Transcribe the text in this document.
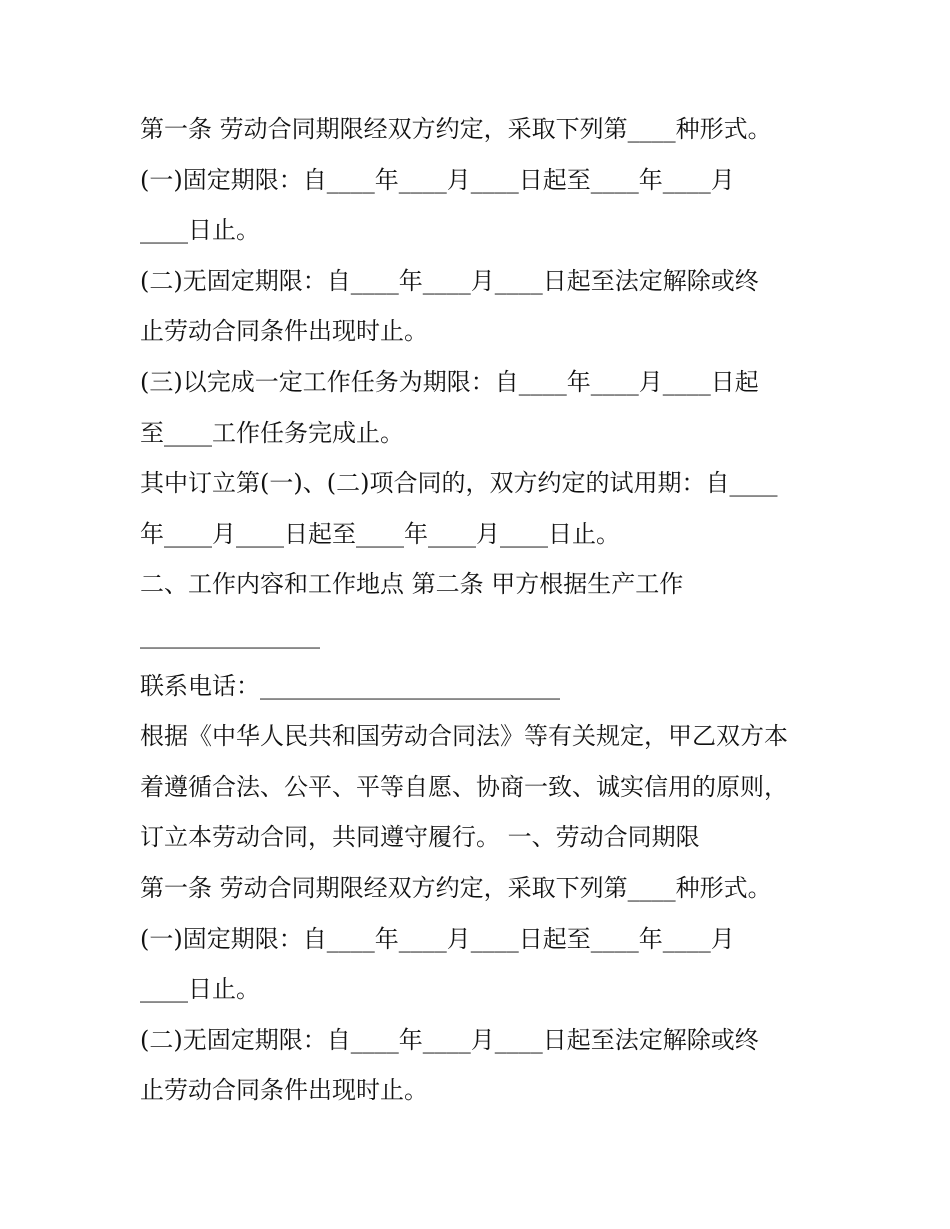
第一条 劳动合同期限经双方约定，采取下列第____种形式。
(一)固定期限：自____年____月____日起至____年____月
____日止。
(二)无固定期限：自____年____月____日起至法定解除或终
止劳动合同条件出现时止。
(三)以完成一定工作任务为期限：自____年____月____日起
至____工作任务完成止。
其中订立第(一)、(二)项合同的，双方约定的试用期：自____
年____月____日起至____年____月____日止。
二、工作内容和工作地点 第二条 甲方根据生产工作
_______________
联系电话：_________________________
根据《中华人民共和国劳动合同法》等有关规定，甲乙双方本
着遵循合法、公平、平等自愿、协商一致、诚实信用的原则，
订立本劳动合同，共同遵守履行。 一、劳动合同期限
第一条 劳动合同期限经双方约定，采取下列第____种形式。
(一)固定期限：自____年____月____日起至____年____月
____日止。
(二)无固定期限：自____年____月____日起至法定解除或终
止劳动合同条件出现时止。
